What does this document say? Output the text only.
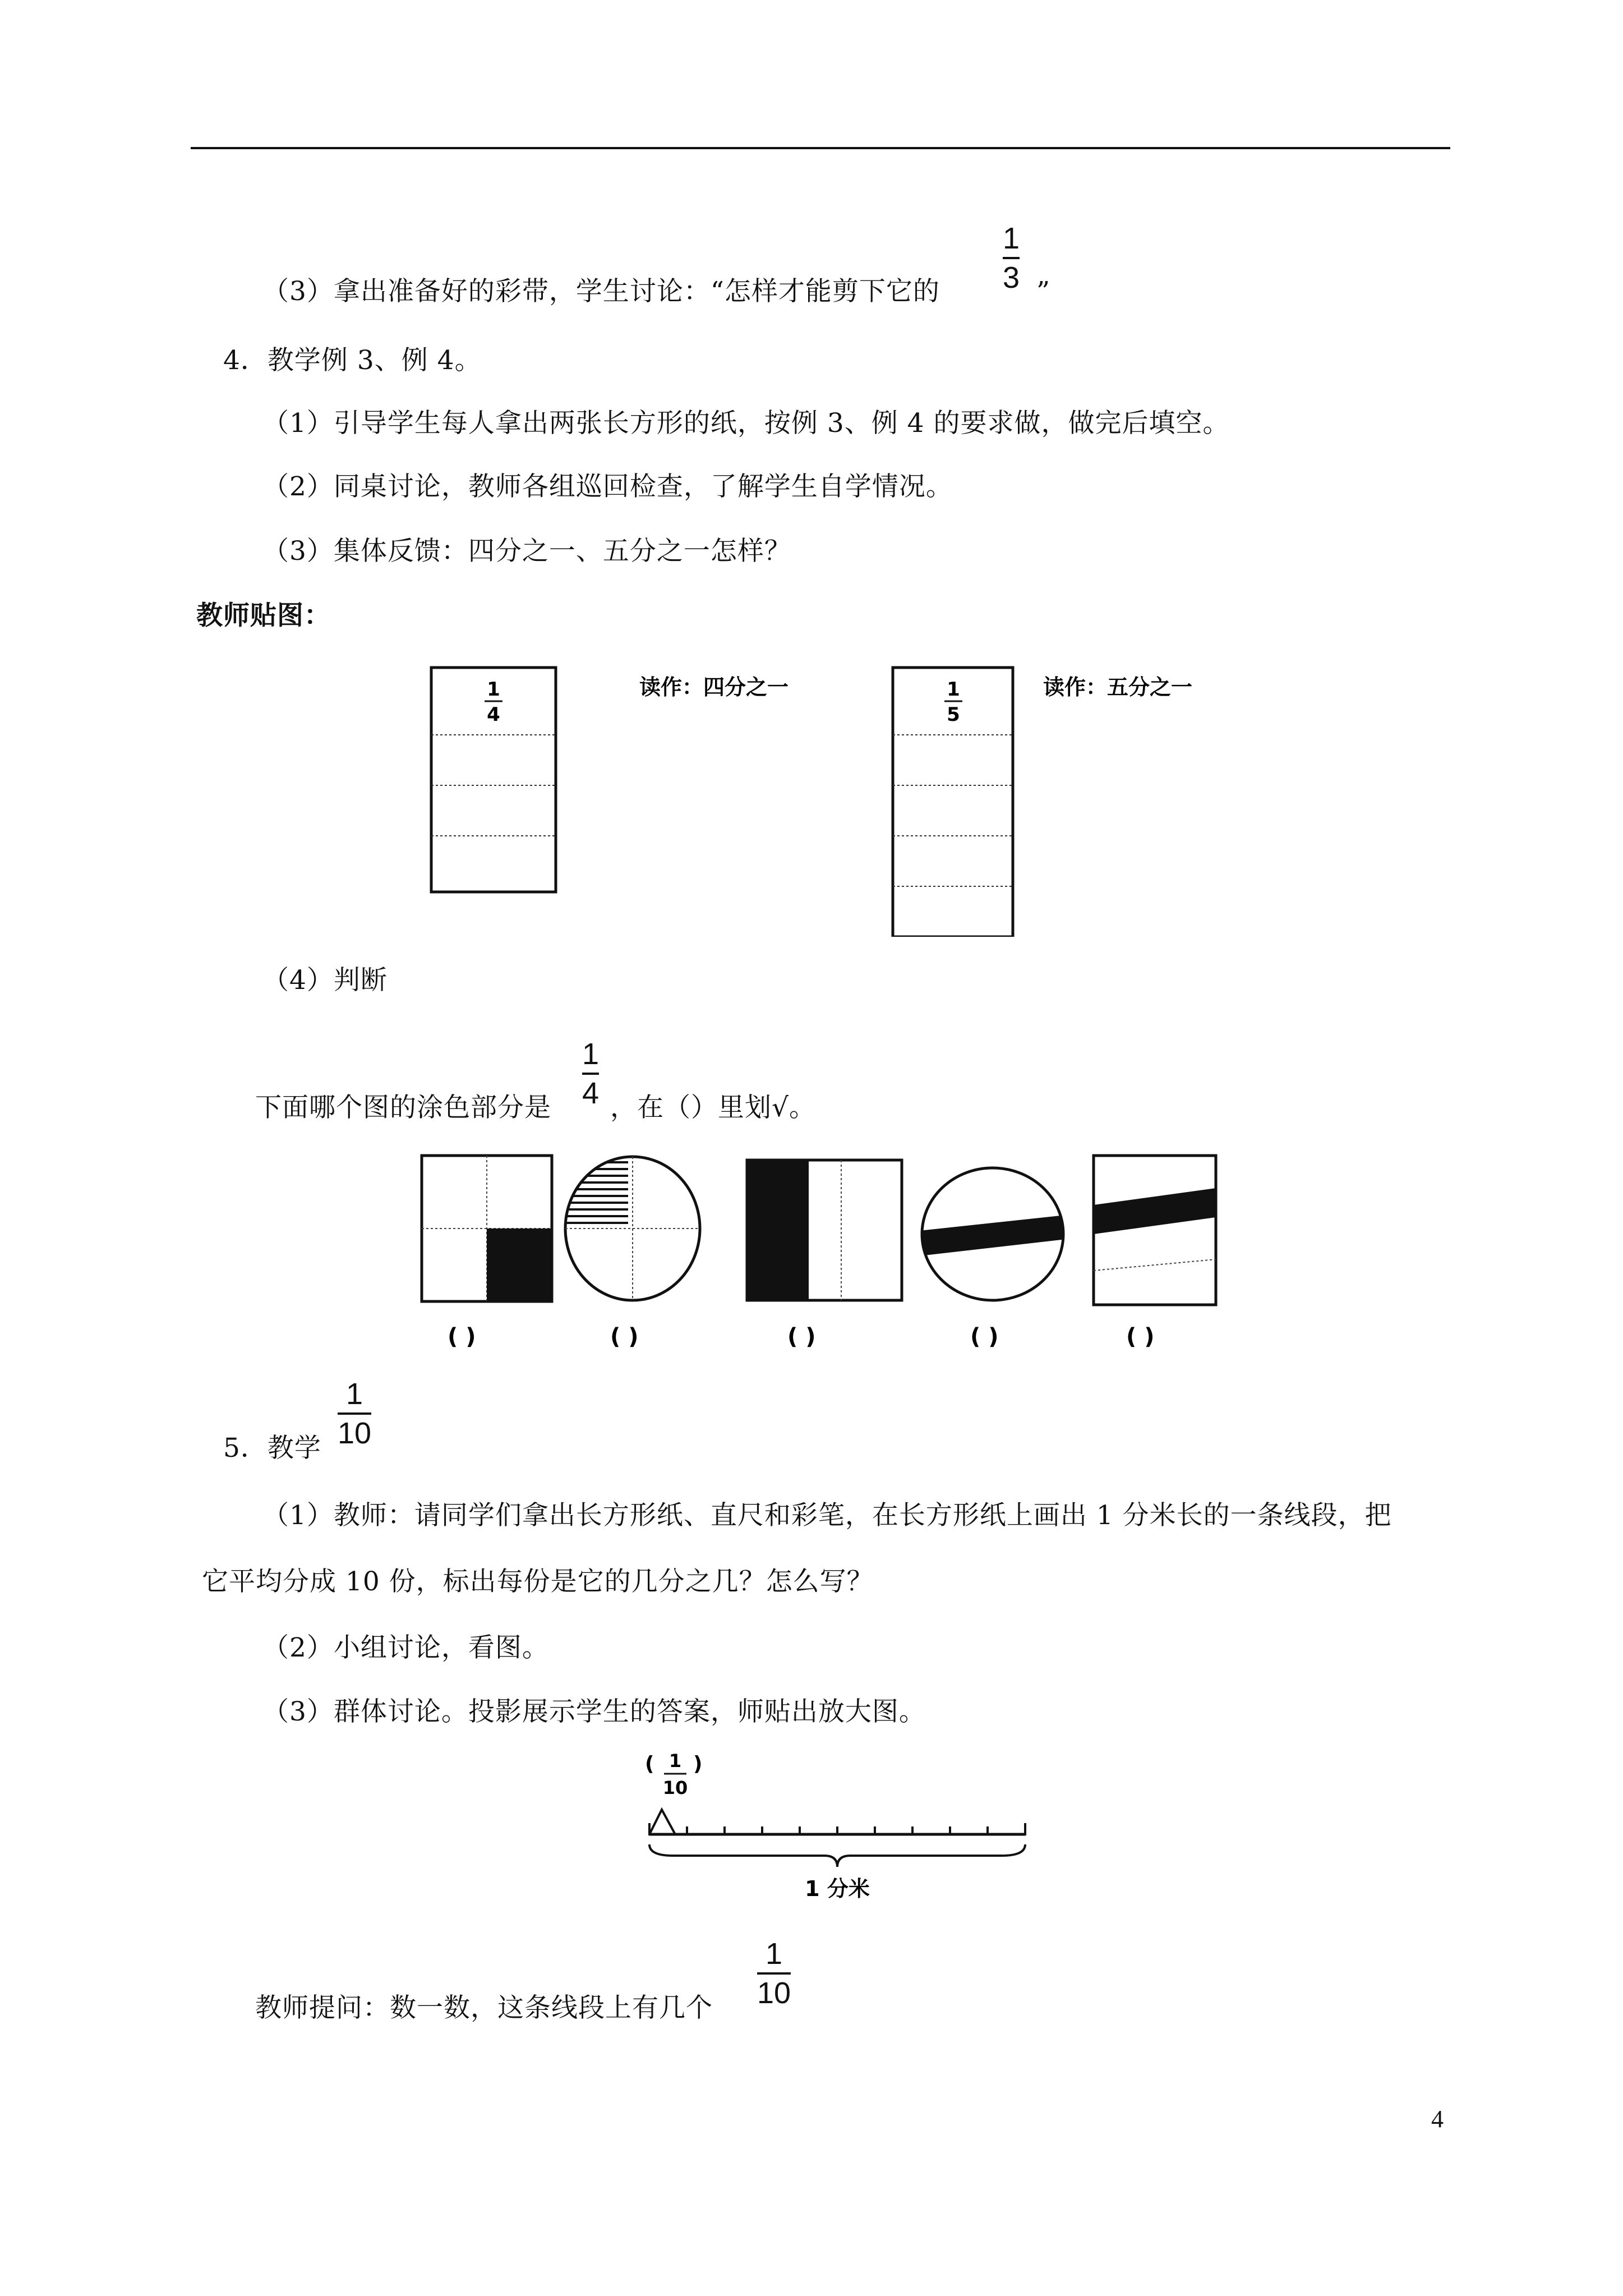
（3）拿出准备好的彩带，学生讨论：“怎样才能剪下它的
1
3 ”
4．教学例 3、例 4。
（1）引导学生每人拿出两张长方形的纸，按例 3、例 4 的要求做，做完后填空。
（2）同桌讨论，教师各组巡回检查，了解学生自学情况。
（3）集体反馈：四分之一、五分之一怎样？
教师贴图：
1
4
读作：四分之一	1
5
读作：五分之一
（4）判断
下面哪个图的涂色部分是
1
4 ，在（）里划√。
( )	( )	( )	( )	( )
5．教学
1
10
（1）教师：请同学们拿出长方形纸、直尺和彩笔，在长方形纸上画出 1 分米长的一条线段，把
它平均分成 10 份，标出每份是它的几分之几？怎么写？
（2）小组讨论，看图。
（3）群体讨论。投影展示学生的答案，师贴出放大图。
( 1
10
)
1 分米
教师提问：数一数，这条线段上有几个
1
10
4
